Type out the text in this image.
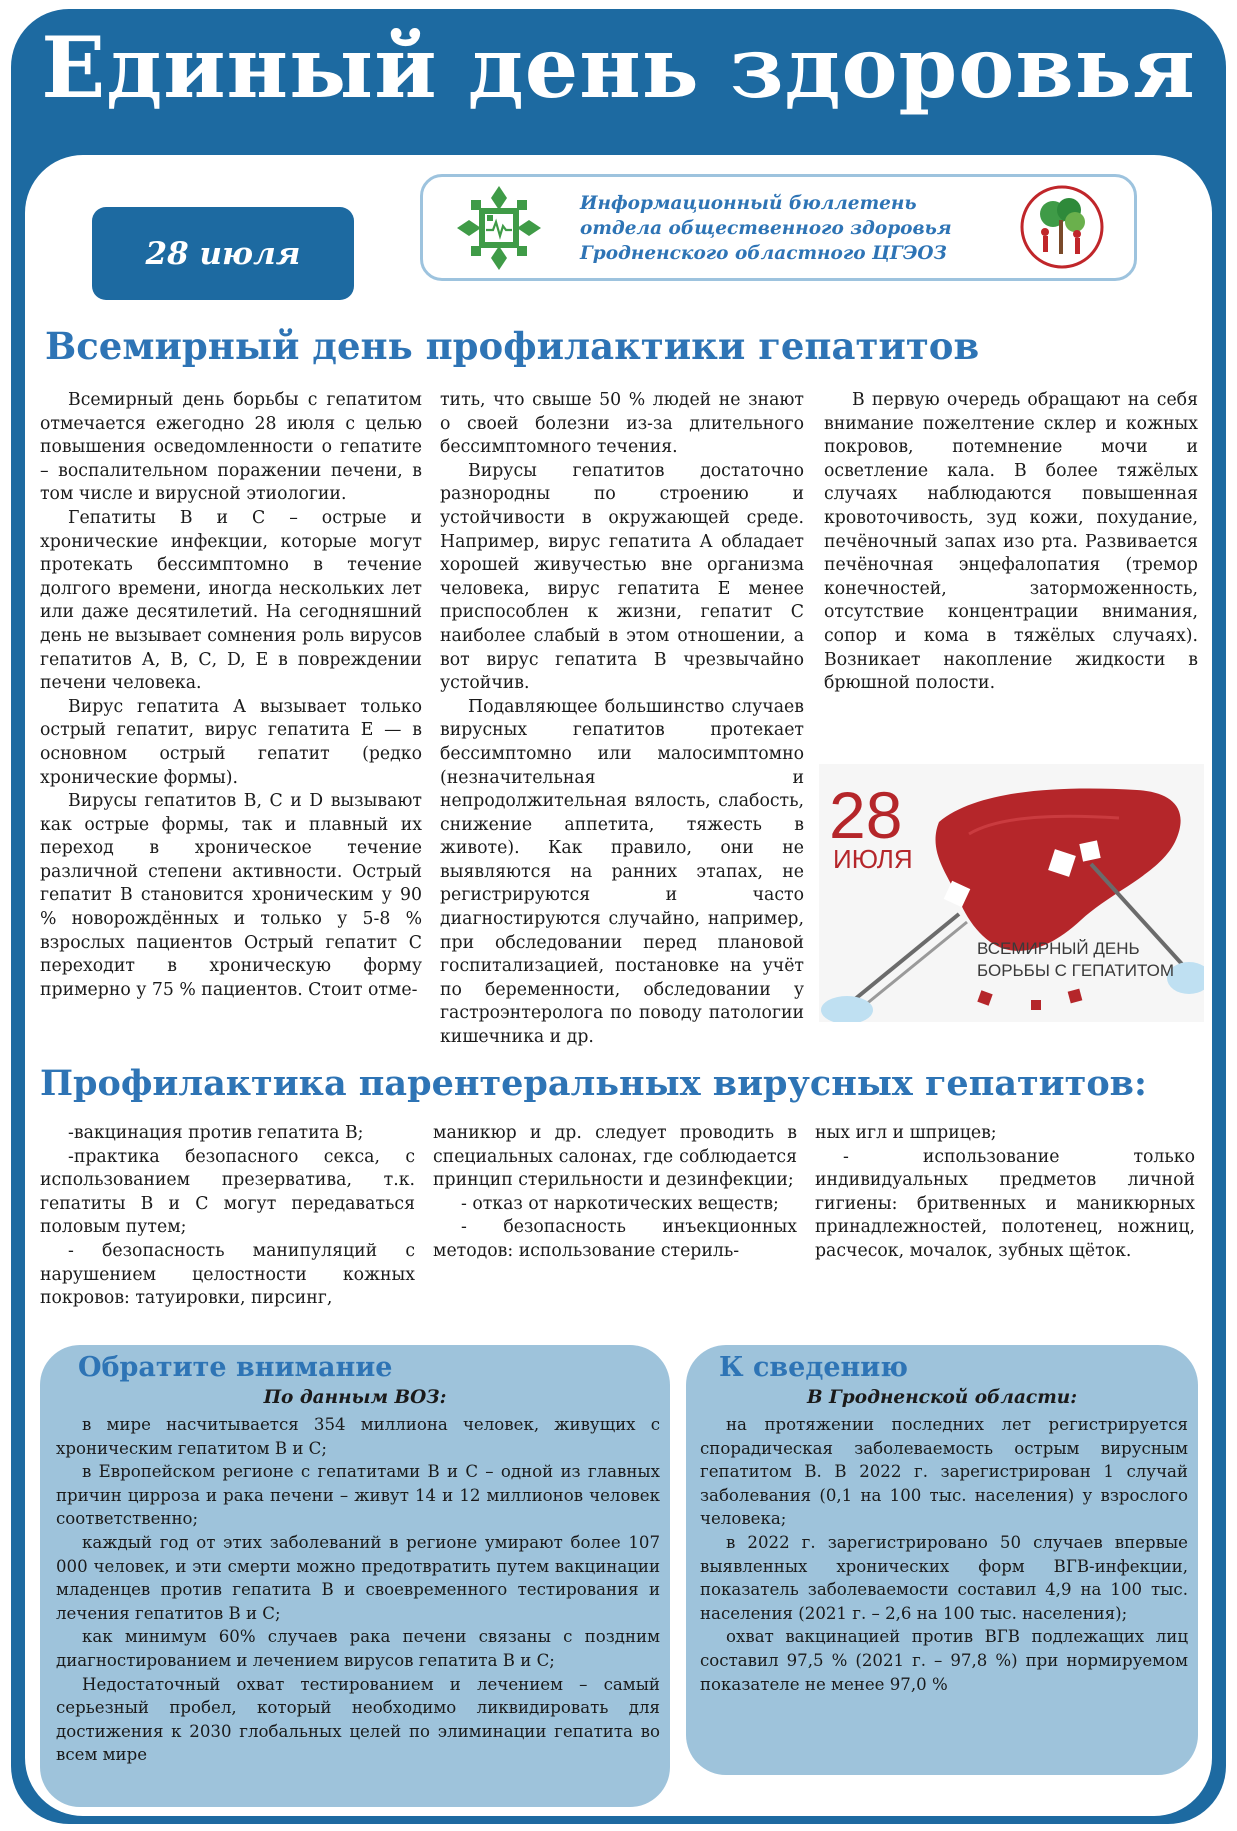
Единый день здоровья
28 июля
Информационный бюллетень
отдела общественного здоровья
Гродненского областного ЦГЭОЗ
Всемирный день профилактики гепатитов

Всемирный день борьбы с гепатитом отмечается ежегодно 28 июля с целью повышения осведомленности о гепатите – воспалительном поражении печени, в том числе и вирусной этиологии.

Гепатиты В и С – острые и хронические инфекции, которые могут протекать бессимптомно в течение долгого времени, иногда нескольких лет или даже десятилетий. На сегодняшний день не вызывает сомнения роль вирусов гепатитов А, В, С, D, Е в повреждении печени человека.

Вирус гепатита А вызывает только острый гепатит, вирус гепатита Е — в основном острый гепатит (редко хронические формы).

Вирусы гепатитов В, С и D вызывают как острые формы, так и плавный их переход в хроническое течение различной степени активности. Острый гепатит В становится хроническим у 90 % новорождённых и только у 5-8 % взрослых пациентов Острый гепатит С переходит в хроническую форму примерно у 75 % пациентов. Стоит отме-

тить, что свыше 50 % людей не знают о своей болезни из-за длительного бессимптомного течения.

Вирусы гепатитов достаточно разнородны по строению и устойчивости в окружающей среде. Например, вирус гепатита А обладает хорошей живучестью вне организма человека, вирус гепатита Е менее приспособлен к жизни, гепатит С наиболее слабый в этом отношении, а вот вирус гепатита В чрезвычайно устойчив.

Подавляющее большинство случаев вирусных гепатитов протекает бессимптомно или малосимптомно (незначительная и непродолжительная вялость, слабость, снижение аппетита, тяжесть в животе). Как правило, они не выявляются на ранних этапах, не регистрируются и часто диагностируются случайно, например, при обследовании перед плановой госпитализацией, постановке на учёт по беременности, обследовании у гастроэнтеролога по поводу патологии кишечника и др.

В первую очередь обращают на себя внимание пожелтение склер и кожных покровов, потемнение мочи и осветление кала. В более тяжёлых случаях наблюдаются повышенная кровоточивость, зуд кожи, похудание, печёночный запах изо рта. Развивается печёночная энцефалопатия (тремор конечностей, заторможенность, отсутствие концентрации внимания, сопор и кома в тяжёлых случаях). Возникает накопление жидкости в брюшной полости.

28
ИЮЛЯ
ВСЕМИРНЫЙ ДЕНЬ
БОРЬБЫ С ГЕПАТИТОМ
Профилактика парентеральных вирусных гепатитов:

-вакцинация против гепатита В;

-практика безопасного секса, с использованием презерватива, т.к. гепатиты В и С могут передаваться половым путем;

- безопасность манипуляций с нарушением целостности кожных покровов: татуировки, пирсинг,

маникюр и др. следует проводить в специальных салонах, где соблюдается принцип стерильности и дезинфекции;

- отказ от наркотических веществ;

- безопасность инъекционных методов: использование стериль-

ных игл и шприцев;

- использование только индивидуальных предметов личной гигиены: бритвенных и маникюрных принадлежностей, полотенец, ножниц, расчесок, мочалок, зубных щёток.

Обратите внимание
По данным ВОЗ:

в мире насчитывается 354 миллиона человек, живущих с хроническим гепатитом В и С;

в Европейском регионе с гепатитами В и С – одной из главных причин цирроза и рака печени – живут 14 и 12 миллионов человек соответственно;

каждый год от этих заболеваний в регионе умирают более 107 000 человек, и эти смерти можно предотвратить путем вакцинации младенцев против гепатита В и своевременного тестирования и лечения гепатитов В и С;

как минимум 60% случаев рака печени связаны с поздним диагностированием и лечением вирусов гепатита В и С;

Недостаточный охват тестированием и лечением – самый серьезный пробел, который необходимо ликвидировать для достижения к 2030 глобальных целей по элиминации гепатита во всем мире

К сведению
В Гродненской области:

на протяжении последних лет регистрируется спорадическая заболеваемость острым вирусным гепатитом В. В 2022 г. зарегистрирован 1 случай заболевания (0,1 на 100 тыс. населения) у взрослого человека;

в 2022 г. зарегистрировано 50 случаев впервые выявленных хронических форм ВГВ-инфекции, показатель заболеваемости составил 4,9 на 100 тыс. населения (2021 г. – 2,6 на 100 тыс. населения);

охват вакцинацией против ВГВ подлежащих лиц составил 97,5 % (2021 г. – 97,8 %) при нормируемом показателе не менее 97,0 %
